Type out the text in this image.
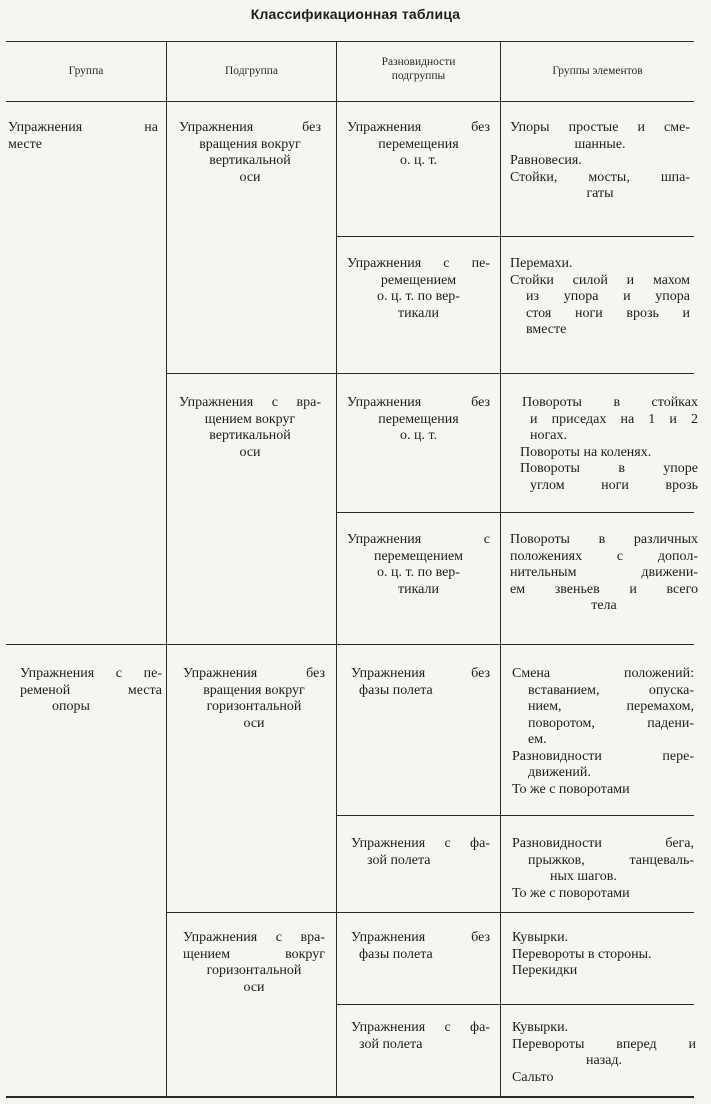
Классификационная таблица
Группа	Подгруппа
Разновидности
подгруппы	Группы элементов
Упражнения на
месте
Упражнения без
вращения вокруг
вертикальной
оси
Упражнения без
перемещения
о. ц. т.
Упоры простые и сме-
шанные.
Равновесия.
Стойки, мосты, шпа-
гаты
Упражнения с пе-
ремещением
о. ц. т. по вер-
тикали
Перемахи.
Стойки силой и махом
из упора и упора
стоя ноги врозь и
вместе
Упражнения с вра-
щением вокруг
вертикальной
оси
Упражнения без
перемещения
о. ц. т.
Повороты в стойках
и приседах на 1 и 2
ногах.
Повороты на коленях.
Повороты в упоре
углом ноги врозь
Упражнения с
перемещением
о. ц. т. по вер-
тикали
Повороты в различных
положениях с допол-
нительным движени-
ем звеньев и всего
тела
Упражнения с пе-
ременой места
опоры
Упражнения без
вращения вокруг
горизонтальной
оси
Упражнения без
фазы полета
Смена положений:
вставанием, опуска-
нием, перемахом,
поворотом, падени-
ем.
Разновидности пере-
движений.
То же с поворотами
Упражнения с фа-
зой полета
Разновидности бега,
прыжков, танцеваль-
ных шагов.
То же с поворотами
Упражнения с вра-
щением вокруг
горизонтальной
оси
Упражнения без
фазы полета
Кувырки.
Перевороты в стороны.
Перекидки
Упражнения с фа-
зой полета
Кувырки.
Перевороты вперед и
назад.
Сальто
